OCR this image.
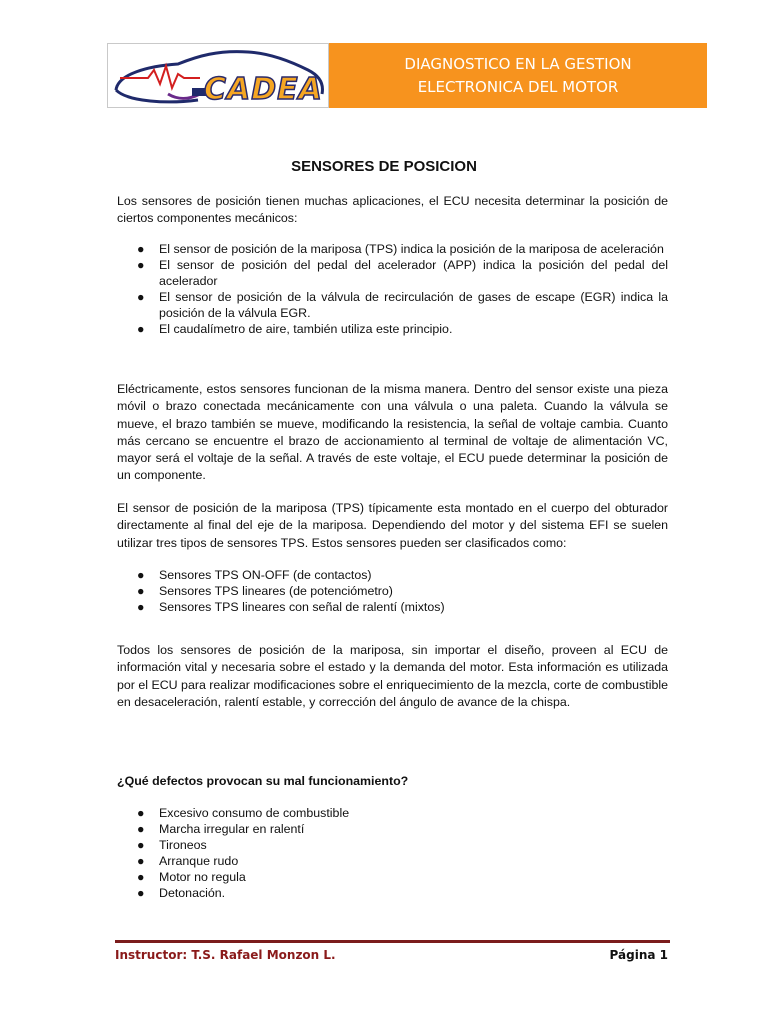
CADEA
DIAGNOSTICO EN LA GESTION
ELECTRONICA DEL MOTOR
SENSORES DE POSICION
Los sensores de posición tienen muchas aplicaciones, el ECU necesita determinar la posición de ciertos componentes mecánicos:
● El sensor de posición de la mariposa (TPS) indica la posición de la mariposa de aceleración
● El sensor de posición del pedal del acelerador (APP) indica la posición del pedal del acelerador
● El sensor de posición de la válvula de recirculación de gases de escape (EGR) indica la posición de la válvula EGR.
● El caudalímetro de aire, también utiliza este principio.
Eléctricamente, estos sensores funcionan de la misma manera. Dentro del sensor existe una pieza móvil o brazo conectada mecánicamente con una válvula o una paleta. Cuando la válvula se mueve, el brazo también se mueve, modificando la resistencia, la señal de voltaje cambia. Cuanto más cercano se encuentre el brazo de accionamiento al terminal de voltaje de alimentación VC, mayor será el voltaje de la señal. A través de este voltaje, el ECU puede determinar la posición de un componente.
El sensor de posición de la mariposa (TPS) típicamente esta montado en el cuerpo del obturador directamente al final del eje de la mariposa. Dependiendo del motor y del sistema EFI se suelen utilizar tres tipos de sensores TPS. Estos sensores pueden ser clasificados como:
● Sensores TPS ON-OFF (de contactos)
● Sensores TPS lineares (de potenciómetro)
● Sensores TPS lineares con señal de ralentí (mixtos)
Todos los sensores de posición de la mariposa, sin importar el diseño, proveen al ECU de información vital y necesaria sobre el estado y la demanda del motor. Esta información es utilizada por el ECU para realizar modificaciones sobre el enriquecimiento de la mezcla, corte de combustible en desaceleración, ralentí estable, y corrección del ángulo de avance de la chispa.
¿Qué defectos provocan su mal funcionamiento?
● Excesivo consumo de combustible
● Marcha irregular en ralentí
● Tironeos
● Arranque rudo
● Motor no regula
● Detonación.
Instructor: T.S. Rafael Monzon L.	Página 1
